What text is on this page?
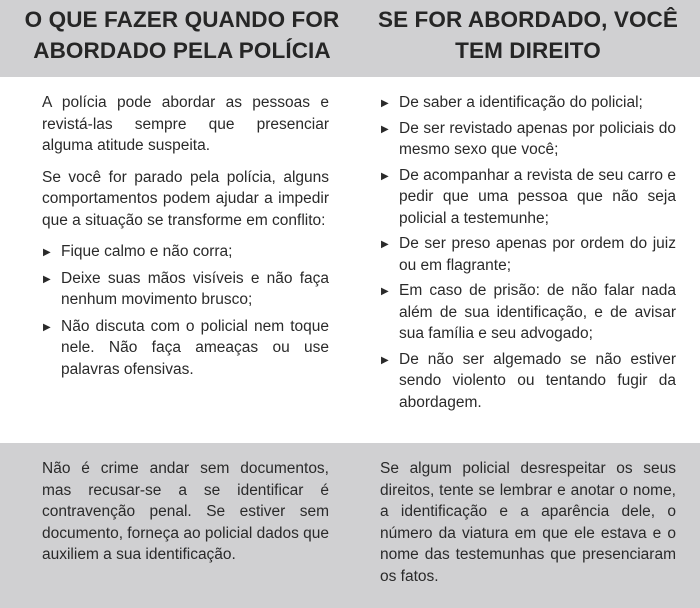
O QUE FAZER QUANDO FOR
ABORDADO PELA POLÍCIA
SE FOR ABORDADO, VOCÊ
TEM DIREITO

A polícia pode abordar as pessoas e revistá-las sempre que presenciar alguma atitude suspeita.

Se você for parado pela polícia, alguns comportamentos podem ajudar a impedir que a situação se transforme em conflito:

▶ Fique calmo e não corra;
▶ Deixe suas mãos visíveis e não faça nenhum movimento brusco;
▶ Não discuta com o policial nem toque nele. Não faça ameaças ou use palavras ofensivas.
▶ De saber a identificação do policial;
▶ De ser revistado apenas por policiais do mesmo sexo que você;
▶ De acompanhar a revista de seu carro e pedir que uma pessoa que não seja policial a testemunhe;
▶ De ser preso apenas por ordem do juiz ou em flagrante;
▶ Em caso de prisão: de não falar nada além de sua identificação, e de avisar sua família e seu advogado;
▶ De não ser algemado se não estiver sendo violento ou tentando fugir da abordagem.

Não é crime andar sem documentos, mas recusar-se a se identificar é contravenção penal. Se estiver sem documento, forneça ao policial dados que auxiliem a sua identificação.

Se algum policial desrespeitar os seus direitos, tente se lembrar e anotar o nome, a identificação e a aparência dele, o número da viatura em que ele estava e o nome das testemunhas que presenciaram os fatos.
